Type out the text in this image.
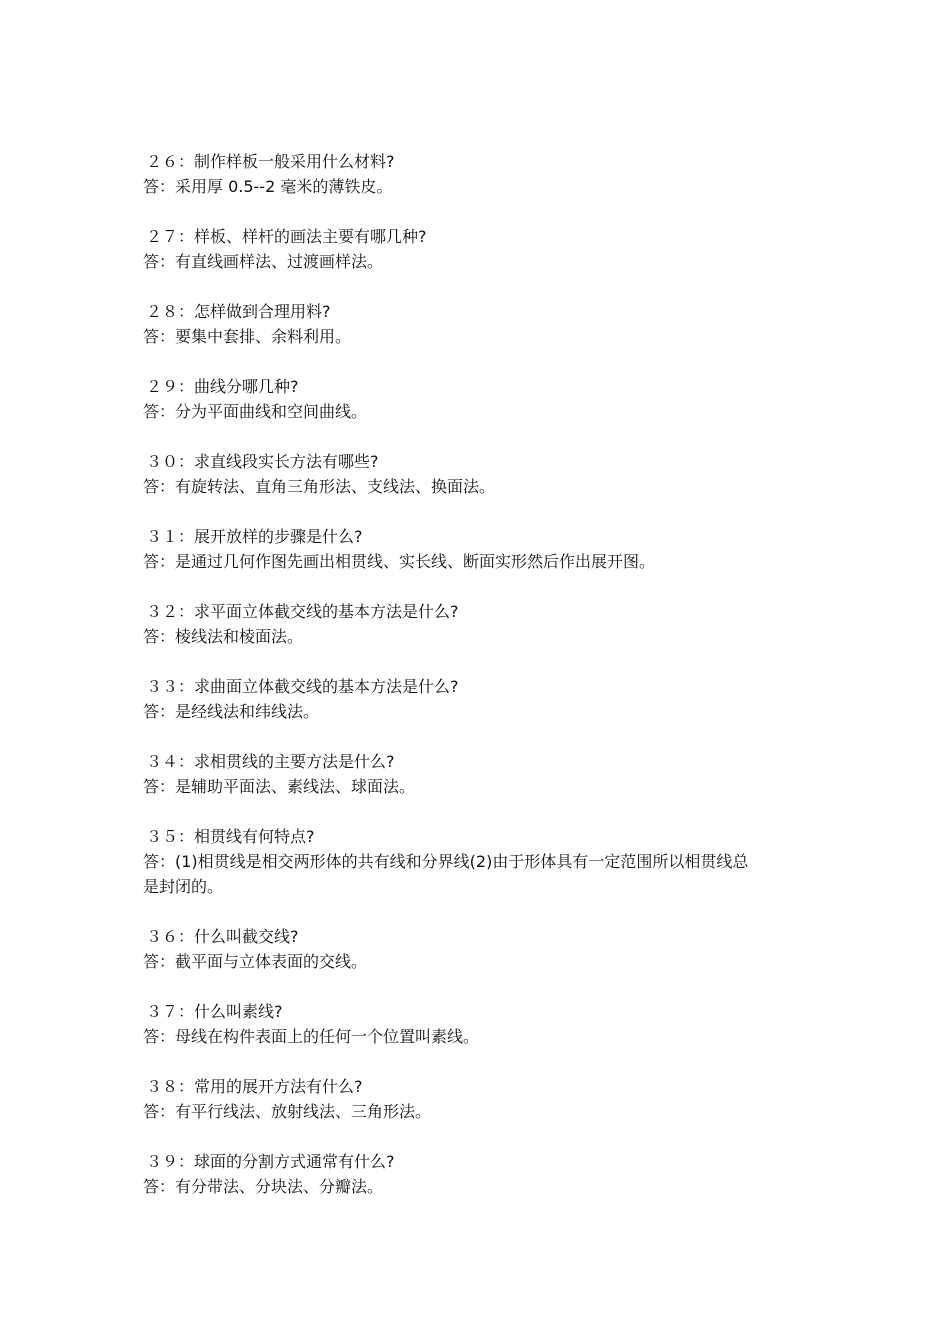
２６：制作样板一般采用什么材料?
答：采用厚 0.5--2 毫米的薄铁皮。
２７：样板、样杆的画法主要有哪几种?
答：有直线画样法、过渡画样法。
２８：怎样做到合理用料?
答：要集中套排、余料利用。
２９：曲线分哪几种?
答：分为平面曲线和空间曲线。
３０：求直线段实长方法有哪些?
答：有旋转法、直角三角形法、支线法、换面法。
３１：展开放样的步骤是什么?
答：是通过几何作图先画出相贯线、实长线、断面实形然后作出展开图。
３２：求平面立体截交线的基本方法是什么?
答：棱线法和棱面法。
３３：求曲面立体截交线的基本方法是什么?
答：是经线法和纬线法。
３４：求相贯线的主要方法是什么?
答：是辅助平面法、素线法、球面法。
３５：相贯线有何特点?
答：(1)相贯线是相交两形体的共有线和分界线(2)由于形体具有一定范围所以相贯线总
是封闭的。
３６：什么叫截交线?
答：截平面与立体表面的交线。
３７：什么叫素线?
答：母线在构件表面上的任何一个位置叫素线。
３８：常用的展开方法有什么?
答：有平行线法、放射线法、三角形法。
３９：球面的分割方式通常有什么?
答：有分带法、分块法、分瓣法。
